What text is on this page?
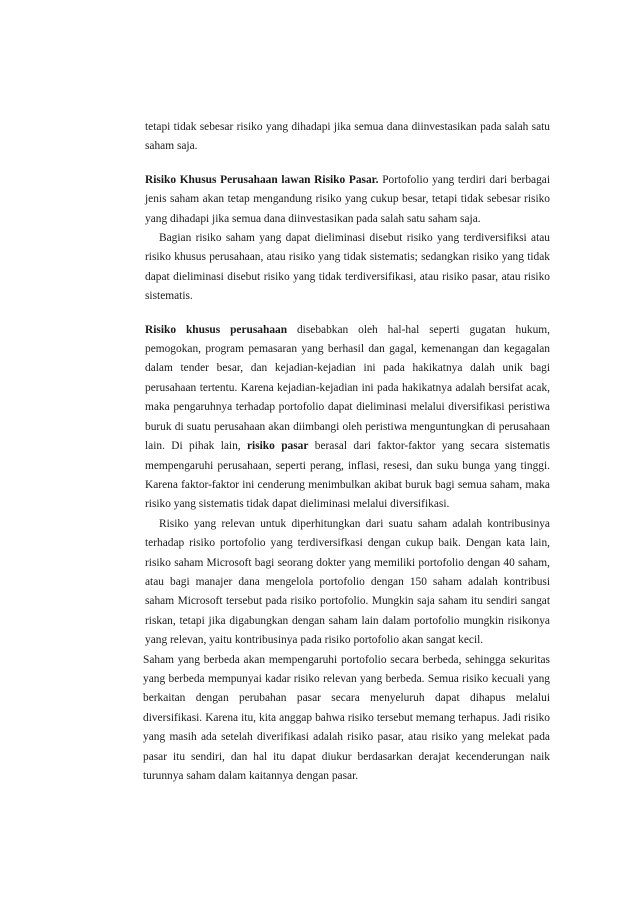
tetapi tidak sebesar risiko yang dihadapi jika semua dana diinvestasikan pada salah satu saham saja.

Risiko Khusus Perusahaan lawan Risiko Pasar. Portofolio yang terdiri dari berbagai jenis saham akan tetap mengandung risiko yang cukup besar, tetapi tidak sebesar risiko yang dihadapi jika semua dana diinvestasikan pada salah satu saham saja.

Bagian risiko saham yang dapat dieliminasi disebut risiko yang terdiversifiksi atau risiko khusus perusahaan, atau risiko yang tidak sistematis; sedangkan risiko yang tidak dapat dieliminasi disebut risiko yang tidak terdiversifikasi, atau risiko pasar, atau risiko sistematis.

Risiko khusus perusahaan disebabkan oleh hal-hal seperti gugatan hukum, pemogokan, program pemasaran yang berhasil dan gagal, kemenangan dan kegagalan dalam tender besar, dan kejadian-kejadian ini pada hakikatnya dalah unik bagi perusahaan tertentu. Karena kejadian-kejadian ini pada hakikatnya adalah bersifat acak, maka pengaruhnya terhadap portofolio dapat dieliminasi melalui diversifikasi peristiwa buruk di suatu perusahaan akan diimbangi oleh peristiwa menguntungkan di perusahaan lain. Di pihak lain, risiko pasar berasal dari faktor-faktor yang secara sistematis mempengaruhi perusahaan, seperti perang, inflasi, resesi, dan suku bunga yang tinggi. Karena faktor-faktor ini cenderung menimbulkan akibat buruk bagi semua saham, maka risiko yang sistematis tidak dapat dieliminasi melalui diversifikasi.

Risiko yang relevan untuk diperhitungkan dari suatu saham adalah kontribusinya terhadap risiko portofolio yang terdiversifkasi dengan cukup baik. Dengan kata lain, risiko saham Microsoft bagi seorang dokter yang memiliki portofolio dengan 40 saham, atau bagi manajer dana mengelola portofolio dengan 150 saham adalah kontribusi saham Microsoft tersebut pada risiko portofolio. Mungkin saja saham itu sendiri sangat riskan, tetapi jika digabungkan dengan saham lain dalam portofolio mungkin risikonya yang relevan, yaitu kontribusinya pada risiko portofolio akan sangat kecil.

Saham yang berbeda akan mempengaruhi portofolio secara berbeda, sehingga sekuritas yang berbeda mempunyai kadar risiko relevan yang berbeda. Semua risiko kecuali yang berkaitan dengan perubahan pasar secara menyeluruh dapat dihapus melalui diversifikasi. Karena itu, kita anggap bahwa risiko tersebut memang terhapus. Jadi risiko yang masih ada setelah diverifikasi adalah risiko pasar, atau risiko yang melekat pada pasar itu sendiri, dan hal itu dapat diukur berdasarkan derajat kecenderungan naik turunnya saham dalam kaitannya dengan pasar.
